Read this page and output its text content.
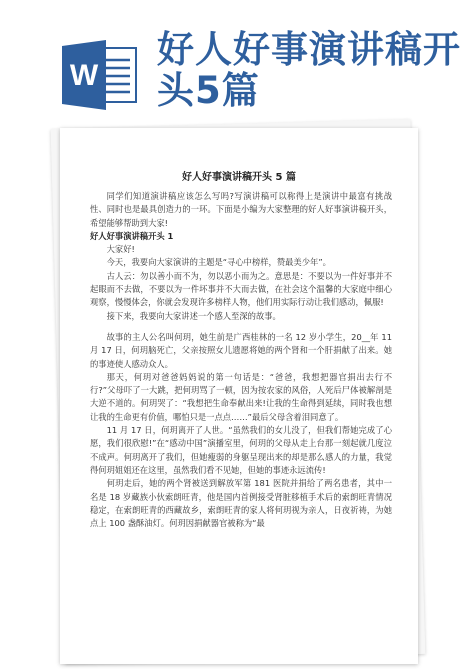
W
好人好事演讲稿开
头5篇
好人好事演讲稿开头 5 篇

同学们知道演讲稿应该怎么写吗?写演讲稿可以称得上是演讲中最富有挑战性、同时也是最具创造力的一环。下面是小编为大家整理的好人好事演讲稿开头，希望能够帮助到大家!

好人好事演讲稿开头 1

大家好!

今天，我要向大家演讲的主题是“寻心中榜样，赞最美少年”。

古人云：勿以善小而不为，勿以恶小而为之。意思是：不要以为一件好事并不起眼而不去做，不要以为一件坏事并不大而去做，在社会这个温馨的大家庭中细心观察，慢慢体会，你就会发现许多榜样人物，他们用实际行动让我们感动，佩服!

接下来，我要向大家讲述一个感人至深的故事。

故事的主人公名叫何玥，她生前是广西桂林的一名 12 岁小学生，20__年 11 月 17 日，何玥脑死亡，父亲按照女儿遗愿将她的两个肾和一个肝捐献了出来。她的事迹使人感动众人。

那天，何玥对爸爸妈妈说的第一句话是：“爸爸，我想把器官捐出去行不行?”父母吓了一大跳，把何玥骂了一顿，因为按农家的风俗，人死后尸体被解剖是大逆不道的。何玥哭了：“我想把生命奉献出来!让我的生命得到延续，同时我也想让我的生命更有价值，哪怕只是一点点……”最后父母含着泪同意了。

11 月 17 日，何玥离开了人世。“虽然我们的女儿没了，但我们帮她完成了心愿，我们很欣慰!”在“感动中国”演播室里，何玥的父母从走上台那一刻起就几度泣不成声。何玥离开了我们，但她瘦弱的身躯呈现出来的却是那么感人的力量，我觉得何玥姐姐还在这里，虽然我们看不见她，但她的事迹永远流传!

何玥走后，她的两个肾被送到解放军第 181 医院并捐给了两名患者，其中一名是 18 岁藏族小伙索朗旺青，他是国内首例接受肾脏移植手术后的索朗旺青情况稳定，在索朗旺青的西藏故乡，索朗旺青的家人将何玥视为亲人，日夜祈祷，为她点上 100 盏酥油灯。何玥因捐献器官被称为“最
